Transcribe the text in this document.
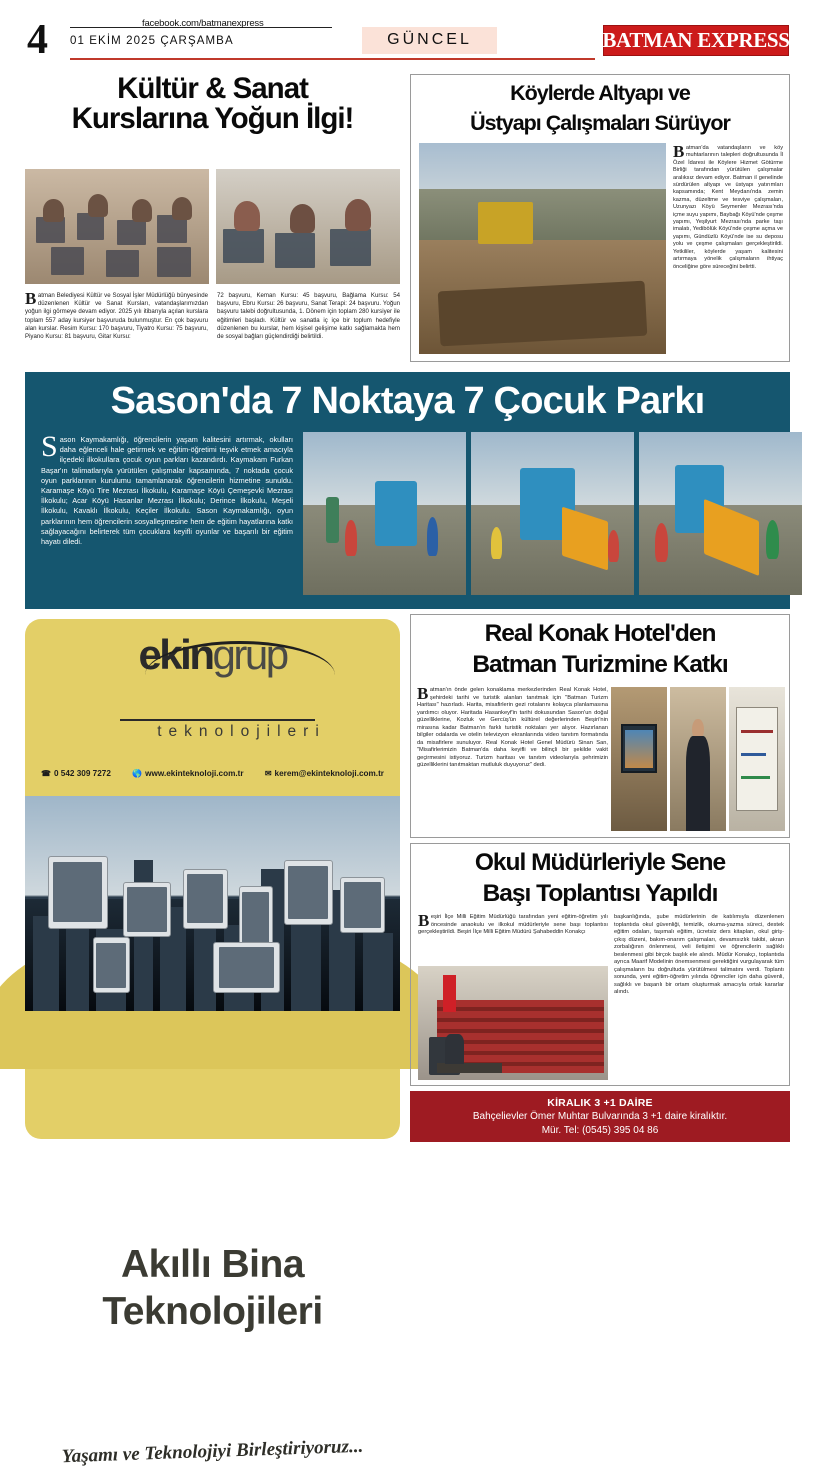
4	facebook.com/batmanexpress
01 EKİM 2025 ÇARŞAMBA	GÜNCEL	BATMAN EXPRESS
Kültür & Sanat
Kurslarına Yoğun İlgi!
Batman Belediyesi Kültür ve Sosyal İşler Müdürlüğü bünyesinde düzenlenen Kültür ve Sanat Kursları, vatandaşlarımızdan yoğun ilgi görmeye devam ediyor. 2025 yılı itibarıyla açılan kurslara toplam 557 aday kursiyer başvuruda bulunmuştur. En çok başvuru alan kurslar. Resim Kursu: 170 başvuru, Tiyatro Kursu: 75 başvuru, Piyano Kursu: 81 başvuru, Gitar Kursu:
72 başvuru, Keman Kursu: 45 başvuru, Bağlama Kursu: 54 başvuru, Ebru Kursu: 26 başvuru, Sanat Terapi: 24 başvuru. Yoğun başvuru talebi doğrultusunda, 1. Dönem için toplam 280 kursiyer ile eğitimleri başladı. Kültür ve sanatla iç içe bir toplum hedefiyle düzenlenen bu kurslar, hem kişisel gelişime katkı sağlamakta hem de sosyal bağları güçlendirdiği belirtildi.
Köylerde Altyapı ve
Üstyapı Çalışmaları Sürüyor
Batman'da vatandaşların ve köy muhtarlarının talepleri doğrultusunda İl Özel İdaresi ile Köylere Hizmet Götürme Birliği tarafından yürütülen çalışmalar aralıksız devam ediyor. Batman il genelinde sürdürülen altyapı ve üstyapı yatırımları kapsamında; Kent Meydanı'nda zemin kazma, düzeltme ve tesviye çalışmaları, Uzunyazı Köyü Seymenler Mezrası'nda içme suyu yapımı, Baybağı Köyü'nde çeşme yapımı, Yeşilyurt Mezrası'nda parke taşı imalatı, Yedibölük Köyü'nde çeşme açma ve yapımı, Gündüzlü Köyü'nde ise su deposu yolu ve çeşme çalışmaları gerçekleştirildi. Yetkililer, köylerde yaşam kalitesini artırmaya yönelik çalışmaların ihtiyaç önceliğine göre süreceğini belirtti.
Sason'da 7 Noktaya 7 Çocuk Parkı
Sason Kaymakamlığı, öğrencilerin yaşam kalitesini artırmak, okulları daha eğlenceli hale getirmek ve eğitim-öğretimi teşvik etmek amacıyla ilçedeki ilkokullara çocuk oyun parkları kazandırdı. Kaymakam Furkan Başar'ın talimatlarıyla yürütülen çalışmalar kapsamında, 7 noktada çocuk oyun parklarının kurulumu tamamlanarak öğrencilerin hizmetine sunuldu. Karamaşe Köyü Tire Mezrası İlkokulu, Karamaşe Köyü Çemeşevki Mezrası İlkokulu; Acar Köyü Hasanlar Mezrası İlkokulu; Derince İlkokulu, Meşeli İlkokulu, Kavaklı İlkokulu, Keçiler İlkokulu. Sason Kaymakamlığı, oyun parklarının hem öğrencilerin sosyalleşmesine hem de eğitim hayatlarına katkı sağlayacağını belirterek tüm çocuklara keyifli oyunlar ve başarılı bir eğitim hayatı diledi.
ekingrup
teknolojileri
☎ 0 542 309 7272	🌎 www.ekinteknoloji.com.tr	✉ kerem@ekinteknoloji.com.tr
Akıllı Bina
Teknolojileri
Yaşamı ve Teknolojiyi Birleştiriyoruz...
Real Konak Hotel'den
Batman Turizmine Katkı
Batman'ın önde gelen konaklama merkezlerinden Real Konak Hotel, şehirdeki tarihi ve turistik alanları tanıtmak için "Batman Turizm Haritası" hazırladı. Harita, misafirlerin gezi rotalarını kolayca planlamasına yardımcı oluyor. Haritada Hasankeyf'in tarihi dokusundan Sason'un doğal güzelliklerine, Kozluk ve Gercüş'ün kültürel değerlerinden Beşiri'nin mirasına kadar Batman'ın farklı turistik noktaları yer alıyor. Hazırlanan bilgiler odalarda ve otelin televizyon ekranlarında video tanıtım formatında da misafirlere sunuluyor. Real Konak Hotel Genel Müdürü Sinan San, "Misafirlerimizin Batman'da daha keyifli ve bilinçli bir şekilde vakit geçirmesini istiyoruz. Turizm haritası ve tanıtım videolarıyla şehrimizin güzelliklerini tanıtmaktan mutluluk duyuyoruz" dedi.
Okul Müdürleriyle Sene
Başı Toplantısı Yapıldı
Beşiri İlçe Milli Eğitim Müdürlüğü tarafından yeni eğitim-öğretim yılı öncesinde anaokulu ve ilkokul müdürleriyle sene başı toplantısı gerçekleştirildi. Beşiri İlçe Milli Eğitim Müdürü Şahabeddin Konakçı
başkanlığında, şube müdürlerinin de katılımıyla düzenlenen toplantıda okul güvenliği, temizlik, okuma-yazma süreci, destek eğitim odaları, taşımalı eğitim, ücretsiz ders kitapları, okul giriş-çıkış düzeni, bakım-onarım çalışmaları, devamsızlık takibi, akran zorbalığının önlenmesi, veli iletişimi ve öğrencilerin sağlıklı beslenmesi gibi birçok başlık ele alındı. Müdür Konakçı, toplantıda ayrıca Maarif Modelinin önemsenmesi gerektiğini vurgulayarak tüm çalışmaların bu doğrultuda yürütülmesi talimatını verdi. Toplantı sonunda, yeni eğitim-öğretim yılında öğrenciler için daha güvenli, sağlıklı ve başarılı bir ortam oluşturmak amacıyla ortak kararlar alındı.
KİRALIK 3 +1 DAİRE
Bahçelievler Ömer Muhtar Bulvarında 3 +1 daire kiralıktır.
Mür. Tel: (0545) 395 04 86
